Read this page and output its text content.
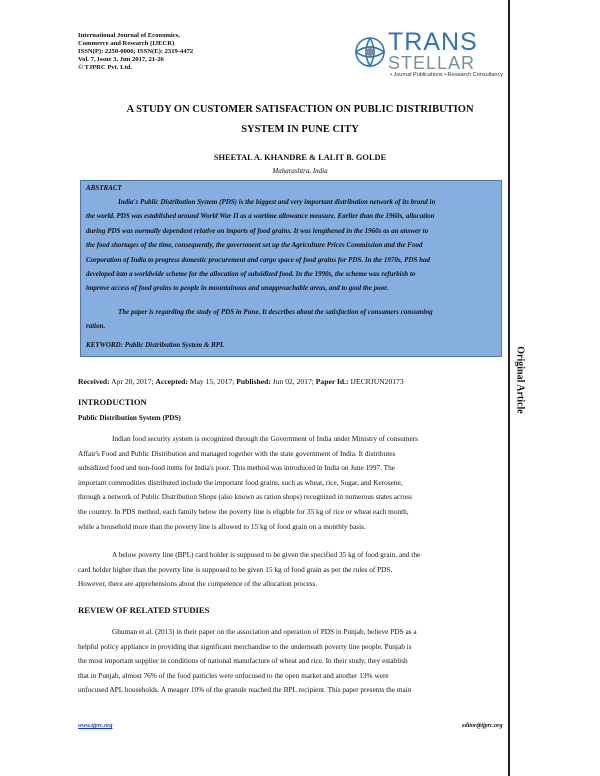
International Journal of Economics,
Commerce and Research (IJECR)
ISSN(P): 2250-0006; ISSN(E): 2319-4472
Vol. 7, Issue 3, Jun 2017, 21-26
© TJPRC Pvt. Ltd.
TRANS
STELLAR
• Journal Publications • Research Consultancy
A STUDY ON CUSTOMER SATISFACTION ON PUBLIC DISTRIBUTION
SYSTEM IN PUNE CITY
SHEETAL A. KHANDRE & LALIT B. GOLDE
Maharashtra, India
ABSTRACT
India's Public Distribution System (PDS) is the biggest and very important distribution network of its brand in
the world. PDS was established around World War II as a wartime allowance measure. Earlier than the 1960s, allocation
during PDS was normally dependent relative on imports of food grains. It was lengthened in the 1960s as an answer to
the food shortages of the time, consequently, the government set up the Agriculture Prices Commission and the Food
Corporation of India to progress domestic procurement and cargo space of food grains for PDS. In the 1970s, PDS had
developed into a worldwide scheme for the allocation of subsidized food. In the 1990s, the scheme was refurbish to
improve access of food grains to people in mountainous and unapproachable areas, and to goal the poor.
The paper is regarding the study of PDS in Pune. It describes about the satisfaction of consumers consuming
ration.
KEYWORD: Public Distribution System & BPL
Original Article
Received: Apr 20, 2017; Accepted: May 15, 2017; Published: Jun 02, 2017; Paper Id.: IJECRJUN20173
INTRODUCTION
Public Distribution System (PDS)
Indian food security system is recognized through the Government of India under Ministry of consumers
Affair's Food and Public Distribution and managed together with the state government of India. It distributes
subsidized food and non-food items for India's poor. This method was introduced in India on June 1997. The
important commodities distributed include the important food grains, such as wheat, rice, Sugar, and Kerosene,
through a network of Public Distribution Shops (also known as ration shops) recognized in numerous states across
the country. In PDS method, each family below the poverty line is eligible for 35 kg of rice or wheat each month,
while a household more than the poverty line is allowed to 15 kg of food grain on a monthly basis.
A below poverty line (BPL) card holder is supposed to be given the specified 35 kg of food grain, and the
card holder higher than the poverty line is supposed to be given 15 kg of food grain as per the rules of PDS.
However, there are apprehensions about the competence of the allocation process.
REVIEW OF RELATED STUDIES
Ghuman et al. (2013) in their paper on the association and operation of PDS in Punjab, believe PDS as a
helpful policy appliance in providing that significant merchandise to the underneath poverty line people. Punjab is
the most important supplier in conditions of national manufacture of wheat and rice. In their study, they establish
that in Punjab, almost 76% of the food particles were unfocused to the open market and another 13% were
unfocused APL households. A meager 10% of the granule reached the BPL recipient. This paper presents the main
www.tjprc.org	editor@tjprc.org
